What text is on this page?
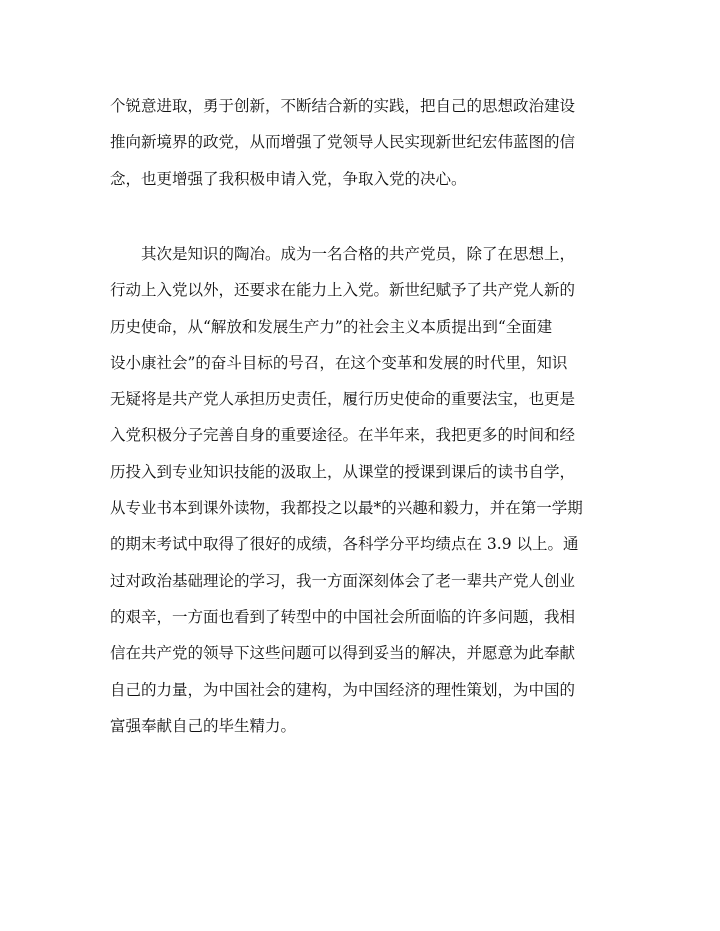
个锐意进取，勇于创新，不断结合新的实践，把自己的思想政治建设
推向新境界的政党，从而增强了党领导人民实现新世纪宏伟蓝图的信
念，也更增强了我积极申请入党，争取入党的决心。

其次是知识的陶冶。成为一名合格的共产党员，除了在思想上，
行动上入党以外，还要求在能力上入党。新世纪赋予了共产党人新的
历史使命，从“解放和发展生产力”的社会主义本质提出到“全面建
设小康社会”的奋斗目标的号召，在这个变革和发展的时代里，知识
无疑将是共产党人承担历史责任，履行历史使命的重要法宝，也更是
入党积极分子完善自身的重要途径。在半年来，我把更多的时间和经
历投入到专业知识技能的汲取上，从课堂的授课到课后的读书自学，
从专业书本到课外读物，我都投之以最*的兴趣和毅力，并在第一学期
的期末考试中取得了很好的成绩，各科学分平均绩点在 3.9 以上。通
过对政治基础理论的学习，我一方面深刻体会了老一辈共产党人创业
的艰辛，一方面也看到了转型中的中国社会所面临的许多问题，我相
信在共产党的领导下这些问题可以得到妥当的解决，并愿意为此奉献
自己的力量，为中国社会的建构，为中国经济的理性策划，为中国的
富强奉献自己的毕生精力。
